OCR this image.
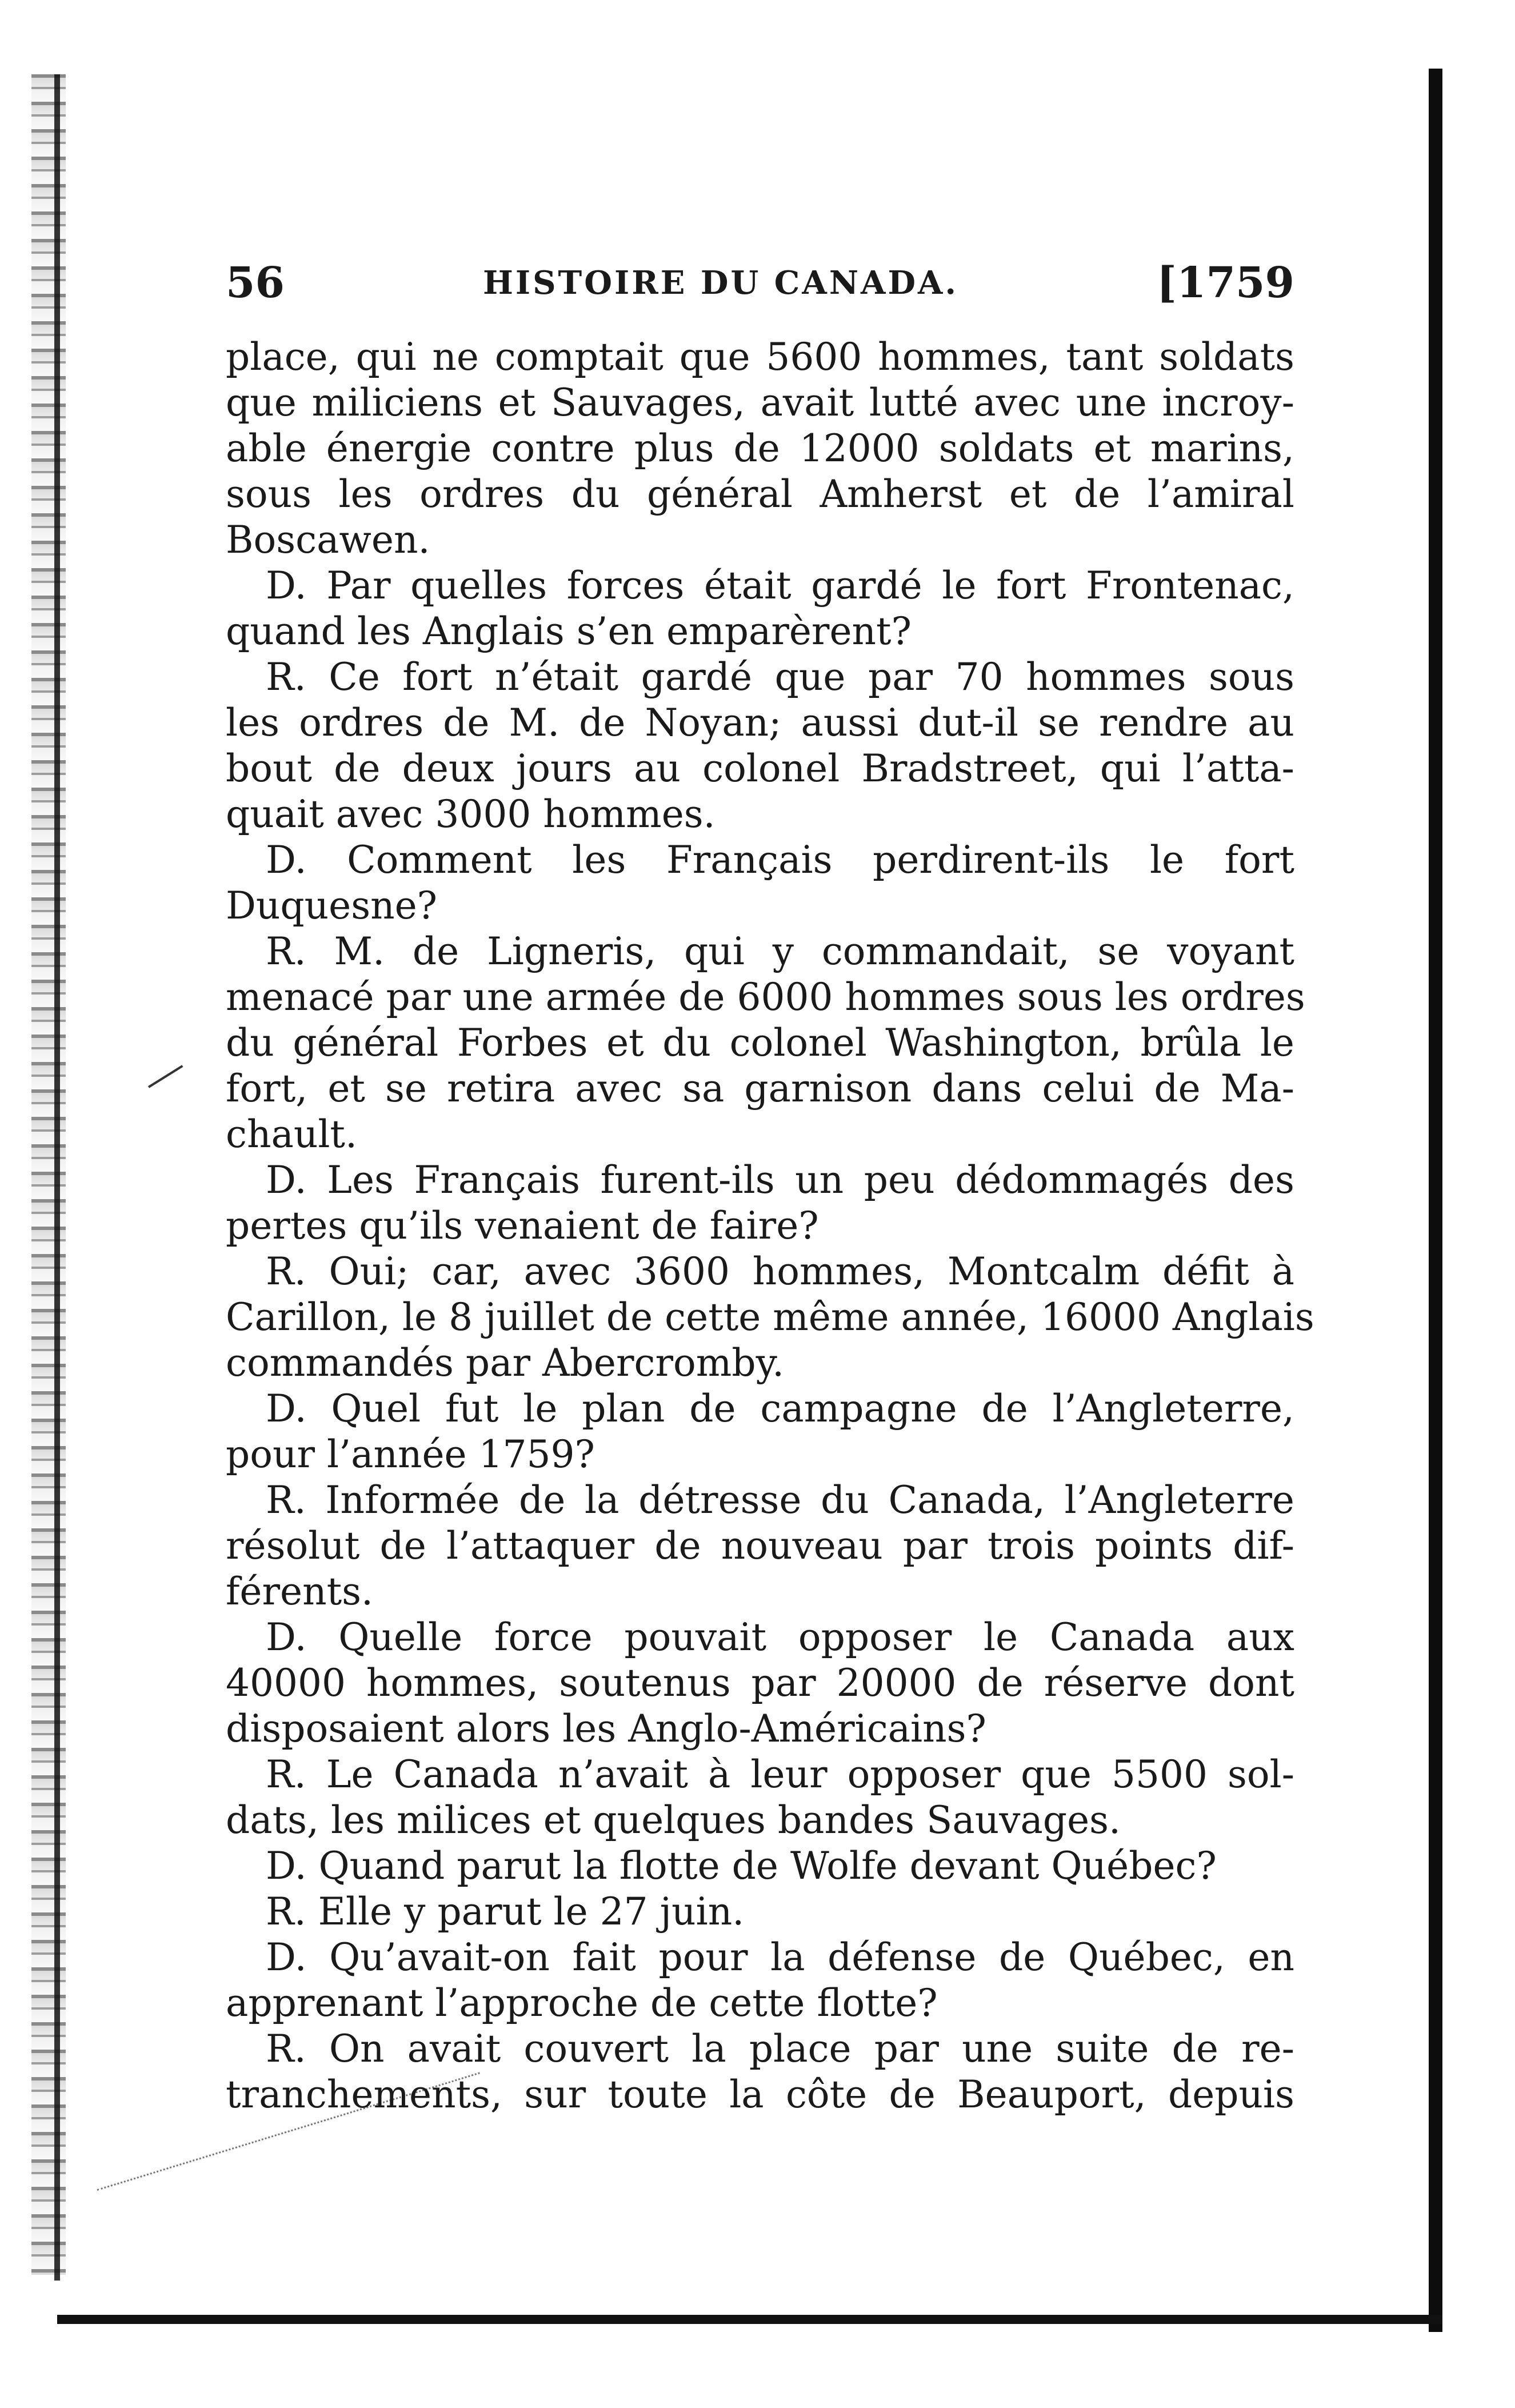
56	HISTOIRE DU CANADA.	[1759
place, qui ne comptait que 5600 hommes, tant soldats
que miliciens et Sauvages, avait lutté avec une incroy-
able énergie contre plus de 12000 soldats et marins,
sous les ordres du général Amherst et de l’amiral
Boscawen.
D. Par quelles forces était gardé le fort Frontenac,
quand les Anglais s’en emparèrent?
R. Ce fort n’était gardé que par 70 hommes sous
les ordres de M. de Noyan; aussi dut-il se rendre au
bout de deux jours au colonel Bradstreet, qui l’atta-
quait avec 3000 hommes.
D. Comment les Français perdirent-ils le fort
Duquesne?
R. M. de Ligneris, qui y commandait, se voyant
menacé par une armée de 6000 hommes sous les ordres
du général Forbes et du colonel Washington, brûla le
fort, et se retira avec sa garnison dans celui de Ma-
chault.
D. Les Français furent-ils un peu dédommagés des
pertes qu’ils venaient de faire?
R. Oui; car, avec 3600 hommes, Montcalm défit à
Carillon, le 8 juillet de cette même année, 16000 Anglais
commandés par Abercromby.
D. Quel fut le plan de campagne de l’Angleterre,
pour l’année 1759?
R. Informée de la détresse du Canada, l’Angleterre
résolut de l’attaquer de nouveau par trois points dif-
férents.
D. Quelle force pouvait opposer le Canada aux
40000 hommes, soutenus par 20000 de réserve dont
disposaient alors les Anglo-Américains?
R. Le Canada n’avait à leur opposer que 5500 sol-
dats, les milices et quelques bandes Sauvages.
D. Quand parut la flotte de Wolfe devant Québec?
R. Elle y parut le 27 juin.
D. Qu’avait-on fait pour la défense de Québec, en
apprenant l’approche de cette flotte?
R. On avait couvert la place par une suite de re-
tranchements, sur toute la côte de Beauport, depuis
